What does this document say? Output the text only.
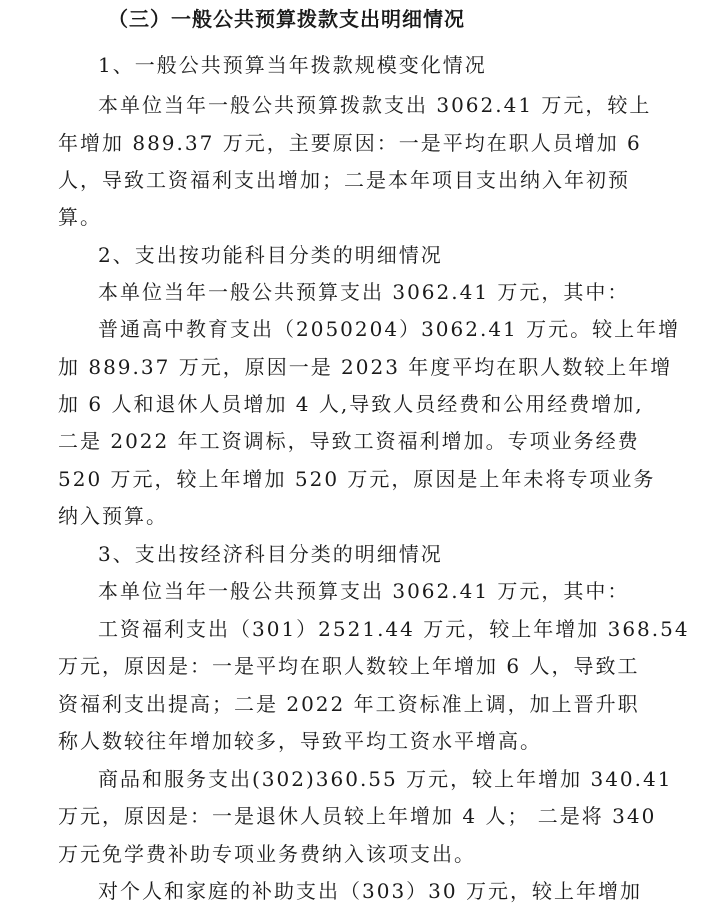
（三）一般公共预算拨款支出明细情况
1、一般公共预算当年拨款规模变化情况
本单位当年一般公共预算拨款支出 3062.41 万元，较上
年增加 889.37 万元，主要原因：一是平均在职人员增加 6
人，导致工资福利支出增加；二是本年项目支出纳入年初预
算。
2、支出按功能科目分类的明细情况
本单位当年一般公共预算支出 3062.41 万元，其中：
普通高中教育支出（2050204）3062.41 万元。较上年增
加 889.37 万元，原因一是 2023 年度平均在职人数较上年增
加 6 人和退休人员增加 4 人,导致人员经费和公用经费增加,
二是 2022 年工资调标，导致工资福利增加。专项业务经费
520 万元，较上年增加 520 万元，原因是上年未将专项业务
纳入预算。
3、支出按经济科目分类的明细情况
本单位当年一般公共预算支出 3062.41 万元，其中：
工资福利支出（301）2521.44 万元，较上年增加 368.54
万元，原因是：一是平均在职人数较上年增加 6 人，导致工
资福利支出提高；二是 2022 年工资标准上调，加上晋升职
称人数较往年增加较多，导致平均工资水平增高。
商品和服务支出(302)360.55 万元，较上年增加 340.41
万元，原因是：一是退休人员较上年增加 4 人； 二是将 340
万元免学费补助专项业务费纳入该项支出。
对个人和家庭的补助支出（303）30 万元，较上年增加
